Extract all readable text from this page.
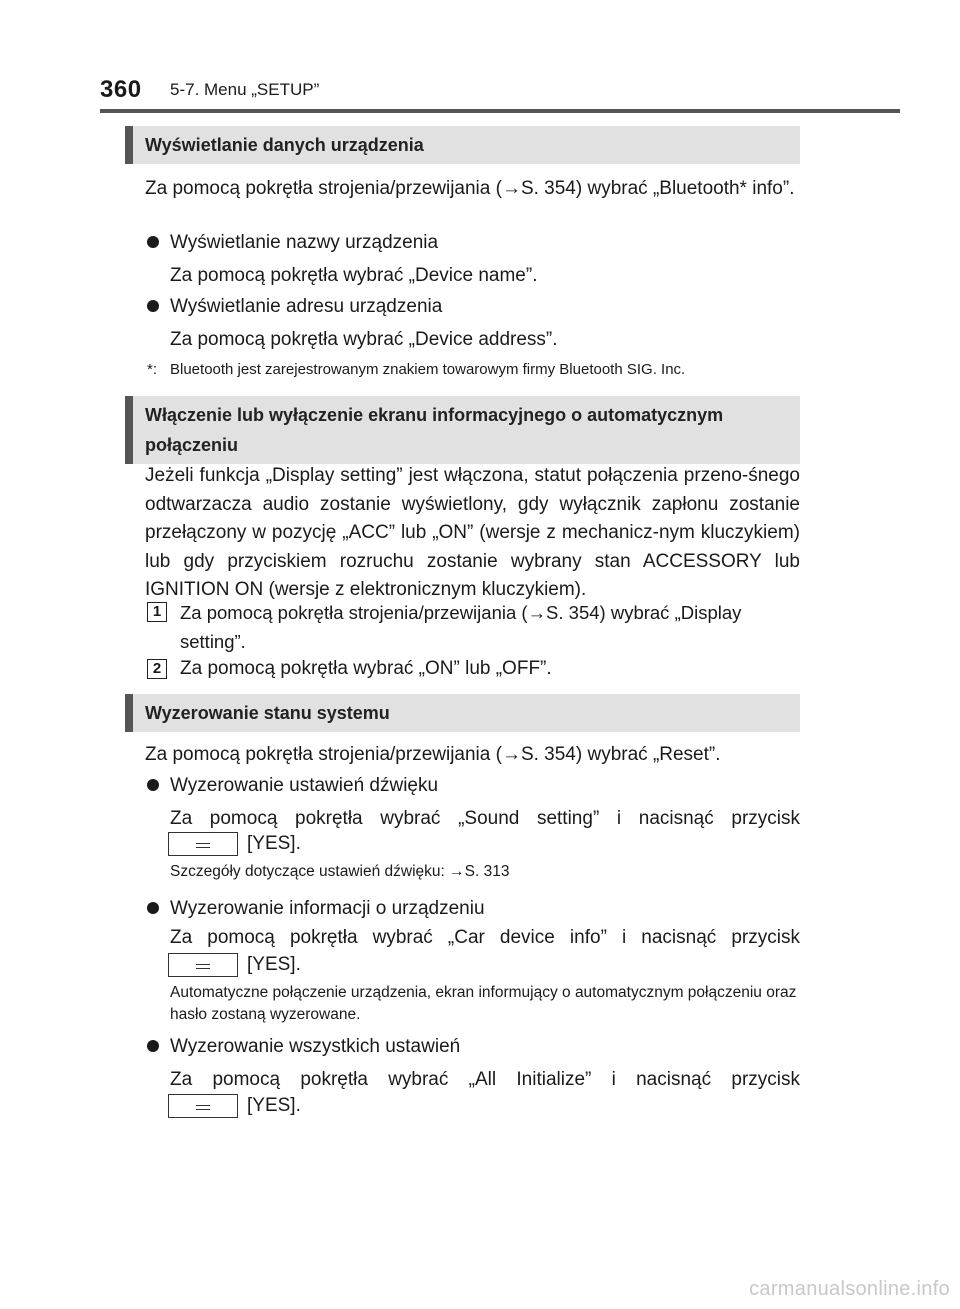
360 5-7. Menu „SETUP”
Wyświetlanie danych urządzenia
Za pomocą pokrętła strojenia/przewijania (→S. 354) wybrać „Bluetooth* info”.
Wyświetlanie nazwy urządzenia
Za pomocą pokrętła wybrać „Device name”.
Wyświetlanie adresu urządzenia
Za pomocą pokrętła wybrać „Device address”.
*: Bluetooth jest zarejestrowanym znakiem towarowym firmy Bluetooth SIG. Inc.
Włączenie lub wyłączenie ekranu informacyjnego o automatycznym
połączeniu
Jeżeli funkcja „Display setting” jest włączona, statut połączenia przeno-śnego odtwarzacza audio zostanie wyświetlony, gdy wyłącznik zapłonu zostanie przełączony w pozycję „ACC” lub „ON” (wersje z mechanicz-nym kluczykiem) lub gdy przyciskiem rozruchu zostanie wybrany stan ACCESSORY lub IGNITION ON (wersje z elektronicznym kluczykiem).
1	Za pomocą pokrętła strojenia/przewijania (→S. 354) wybrać „Display setting”.
2 Za pomocą pokrętła wybrać „ON” lub „OFF”.
Wyzerowanie stanu systemu
Za pomocą pokrętła strojenia/przewijania (→S. 354) wybrać „Reset”.
Wyzerowanie ustawień dźwięku
Za pomocą pokrętła wybrać „Sound setting” i nacisnąć przycisk
[YES].
Szczegóły dotyczące ustawień dźwięku: →S. 313
Wyzerowanie informacji o urządzeniu
Za pomocą pokrętła wybrać „Car device info” i nacisnąć przycisk
[YES].
Automatyczne połączenie urządzenia, ekran informujący o automatycznym połączeniu oraz hasło zostaną wyzerowane.
Wyzerowanie wszystkich ustawień
Za pomocą pokrętła wybrać „All Initialize” i nacisnąć przycisk
[YES].
carmanualsonline.info
